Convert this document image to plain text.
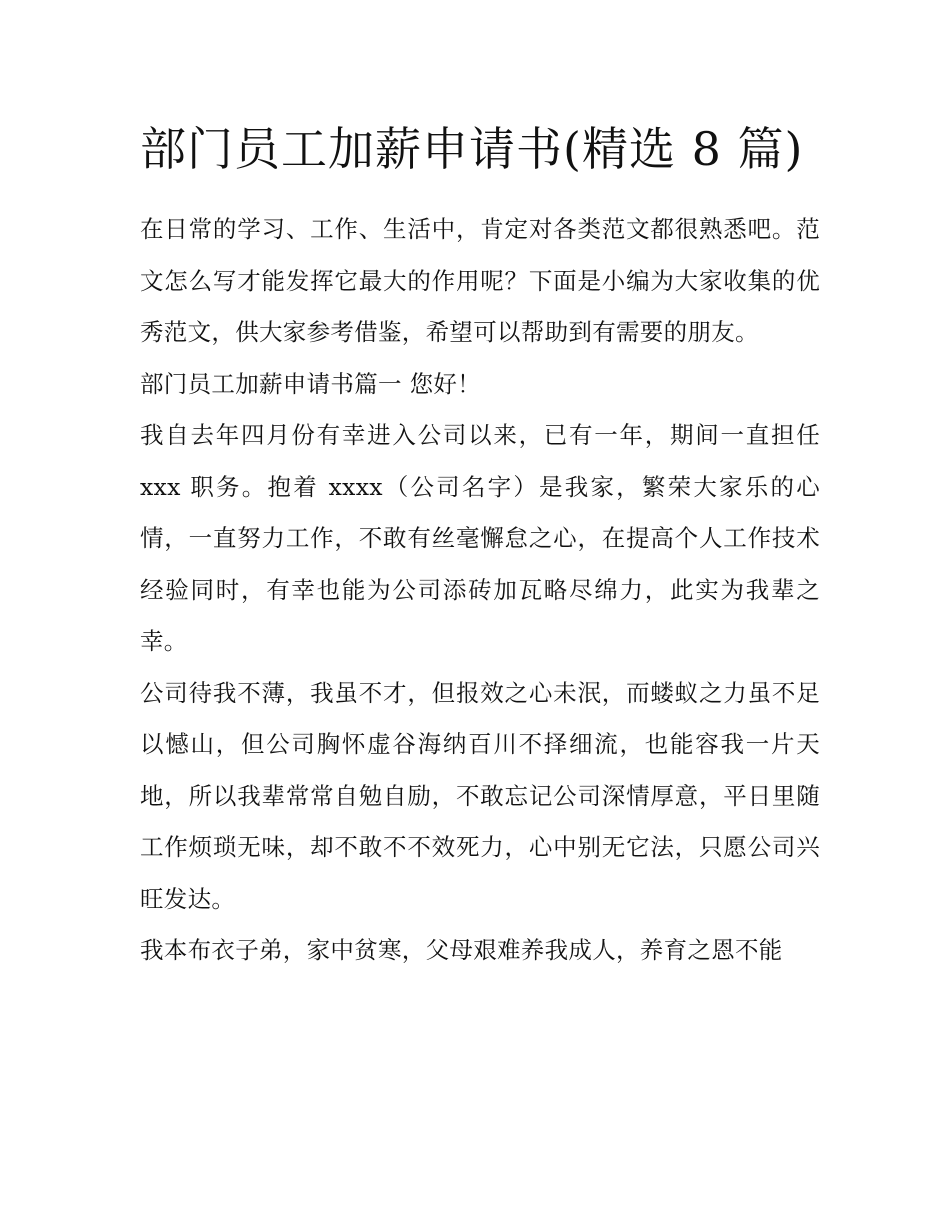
部门员工加薪申请书(精选 8 篇)

在日常的学习、工作、生活中，肯定对各类范文都很熟悉吧。范文怎么写才能发挥它最大的作用呢？下面是小编为大家收集的优秀范文，供大家参考借鉴，希望可以帮助到有需要的朋友。

部门员工加薪申请书篇一 您好！

我自去年四月份有幸进入公司以来，已有一年，期间一直担任 xxx 职务。抱着 xxxx（公司名字）是我家，繁荣大家乐的心情，一直努力工作，不敢有丝毫懈怠之心，在提高个人工作技术经验同时，有幸也能为公司添砖加瓦略尽绵力，此实为我辈之幸。

公司待我不薄，我虽不才，但报效之心未泯，而蝼蚁之力虽不足以憾山，但公司胸怀虚谷海纳百川不择细流，也能容我一片天地，所以我辈常常自勉自励，不敢忘记公司深情厚意，平日里随工作烦琐无味，却不敢不不效死力，心中别无它法，只愿公司兴旺发达。

我本布衣子弟，家中贫寒，父母艰难养我成人，养育之恩不能
